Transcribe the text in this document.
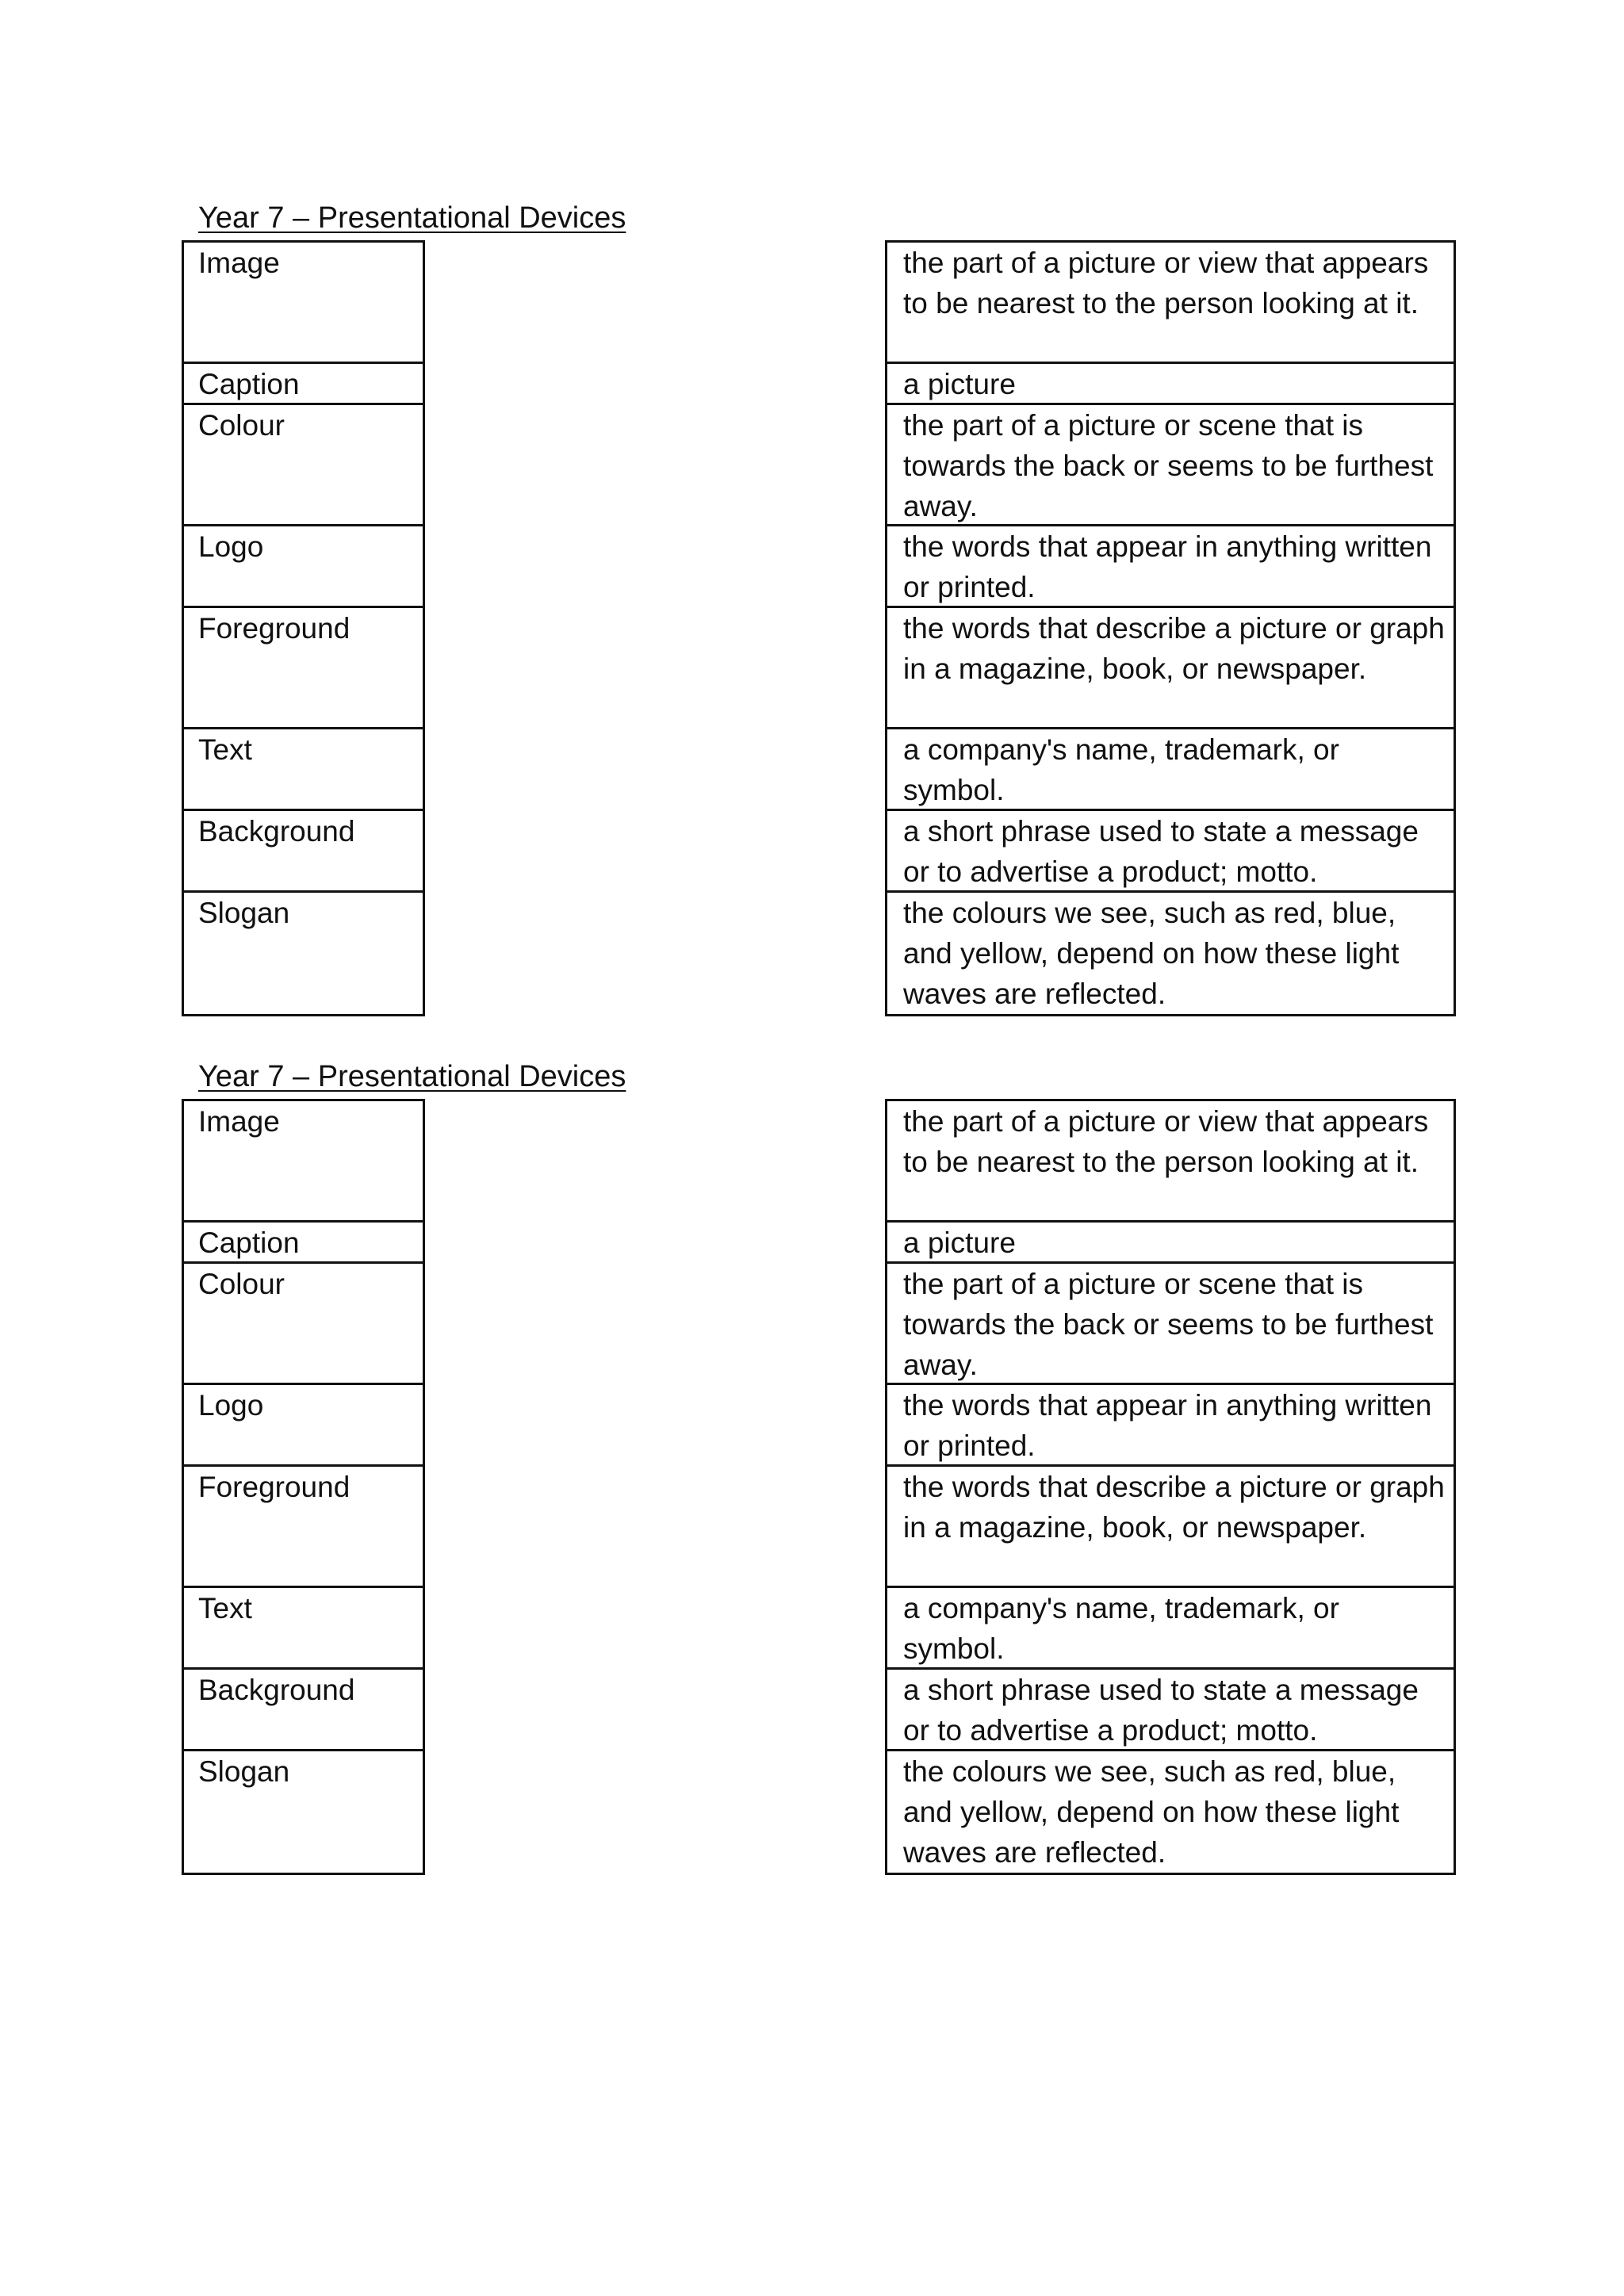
Year 7 – Presentational Devices
Image
Caption
Colour
Logo
Foreground
Text
Background
Slogan
the part of a picture or view that appears to be nearest to the person looking at it.
a picture
the part of a picture or scene that is towards the back or seems to be furthest away.
the words that appear in anything written or printed.
the words that describe a picture or graph in a magazine, book, or newspaper.
a company's name, trademark, or symbol.
a short phrase used to state a message or to advertise a product; motto.
the colours we see, such as red, blue, and yellow, depend on how these light waves are reflected.
Year 7 – Presentational Devices
Image
Caption
Colour
Logo
Foreground
Text
Background
Slogan
the part of a picture or view that appears to be nearest to the person looking at it.
a picture
the part of a picture or scene that is towards the back or seems to be furthest away.
the words that appear in anything written or printed.
the words that describe a picture or graph in a magazine, book, or newspaper.
a company's name, trademark, or symbol.
a short phrase used to state a message or to advertise a product; motto.
the colours we see, such as red, blue, and yellow, depend on how these light waves are reflected.
